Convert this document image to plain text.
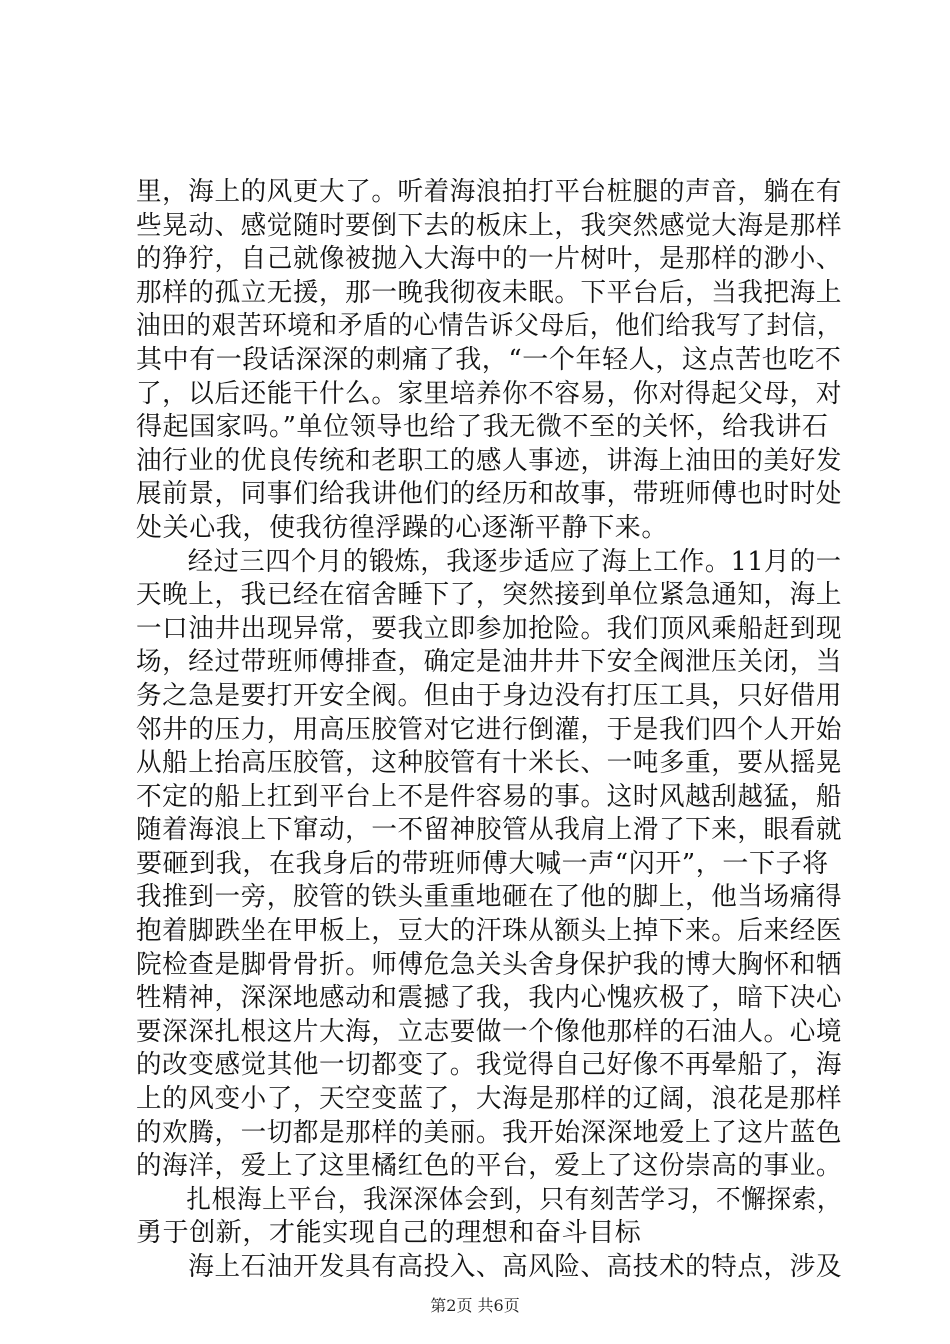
里，海上的风更大了。听着海浪拍打平台桩腿的声音，躺在有
些晃动、感觉随时要倒下去的板床上，我突然感觉大海是那样
的狰狞，自己就像被抛入大海中的一片树叶，是那样的渺小、
那样的孤立无援，那一晚我彻夜未眠。下平台后，当我把海上
油田的艰苦环境和矛盾的心情告诉父母后，他们给我写了封信，
其中有一段话深深的刺痛了我，“一个年轻人，这点苦也吃不
了，以后还能干什么。家里培养你不容易，你对得起父母，对
得起国家吗。”单位领导也给了我无微不至的关怀，给我讲石
油行业的优良传统和老职工的感人事迹，讲海上油田的美好发
展前景，同事们给我讲他们的经历和故事，带班师傅也时时处
处关心我，使我彷徨浮躁的心逐渐平静下来。
　　经过三四个月的锻炼，我逐步适应了海上工作。11月的一
天晚上，我已经在宿舍睡下了，突然接到单位紧急通知，海上
一口油井出现异常，要我立即参加抢险。我们顶风乘船赶到现
场，经过带班师傅排查，确定是油井井下安全阀泄压关闭，当
务之急是要打开安全阀。但由于身边没有打压工具，只好借用
邻井的压力，用高压胶管对它进行倒灌，于是我们四个人开始
从船上抬高压胶管，这种胶管有十米长、一吨多重，要从摇晃
不定的船上扛到平台上不是件容易的事。这时风越刮越猛，船
随着海浪上下窜动，一不留神胶管从我肩上滑了下来，眼看就
要砸到我，在我身后的带班师傅大喊一声“闪开”，一下子将
我推到一旁，胶管的铁头重重地砸在了他的脚上，他当场痛得
抱着脚跌坐在甲板上，豆大的汗珠从额头上掉下来。后来经医
院检查是脚骨骨折。师傅危急关头舍身保护我的博大胸怀和牺
牲精神，深深地感动和震撼了我，我内心愧疚极了，暗下决心
要深深扎根这片大海，立志要做一个像他那样的石油人。心境
的改变感觉其他一切都变了。我觉得自己好像不再晕船了，海
上的风变小了，天空变蓝了，大海是那样的辽阔，浪花是那样
的欢腾，一切都是那样的美丽。我开始深深地爱上了这片蓝色
的海洋，爱上了这里橘红色的平台，爱上了这份崇高的事业。
　　扎根海上平台，我深深体会到，只有刻苦学习，不懈探索，
勇于创新，才能实现自己的理想和奋斗目标
　　海上石油开发具有高投入、高风险、高技术的特点，涉及
第2页 共6页
